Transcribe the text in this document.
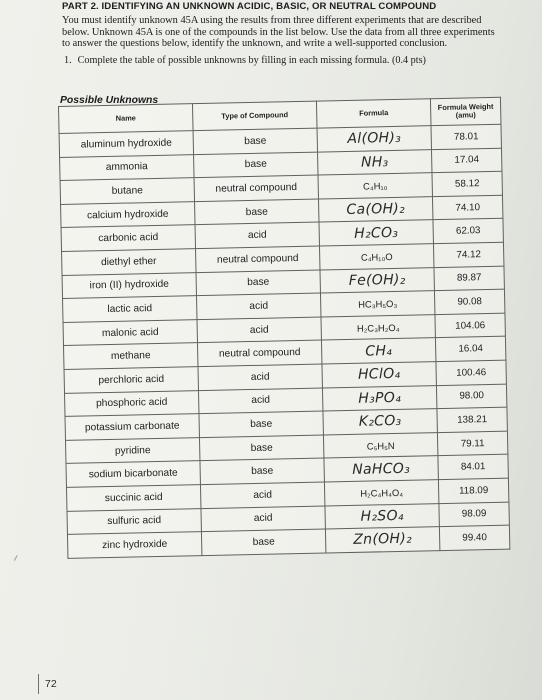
PART 2. IDENTIFYING AN UNKNOWN ACIDIC, BASIC, OR NEUTRAL COMPOUND

You must identify unknown 45A using the results from three different experiments that are described below. Unknown 45A is one of the compounds in the list below. Use the data from all three experiments to answer the questions below, identify the unknown, and write a well-supported conclusion.

1. Complete the table of possible unknowns by filling in each missing formula. (0.4 pts)
Possible Unknowns
Name	Type of Compound	Formula	Formula Weight
(amu)
aluminum hydroxide	base	Al(OH)₃	78.01
ammonia	base	NH₃	17.04
butane	neutral compound	C₄H₁₀	58.12
calcium hydroxide	base	Ca(OH)₂	74.10
carbonic acid	acid	H₂CO₃	62.03
diethyl ether	neutral compound	C₄H₁₀O	74.12
iron (II) hydroxide	base	Fe(OH)₂	89.87
lactic acid	acid	HC₃H₅O₃	90.08
malonic acid	acid	H₂C₃H₂O₄	104.06
methane	neutral compound	CH₄	16.04
perchloric acid	acid	HClO₄	100.46
phosphoric acid	acid	H₃PO₄	98.00
potassium carbonate	base	K₂CO₃	138.21
pyridine	base	C₅H₅N	79.11
sodium bicarbonate	base	NaHCO₃	84.01
succinic acid	acid	H₂C₄H₄O₄	118.09
sulfuric acid	acid	H₂SO₄	98.09
zinc hydroxide	base	Zn(OH)₂	99.40
72
